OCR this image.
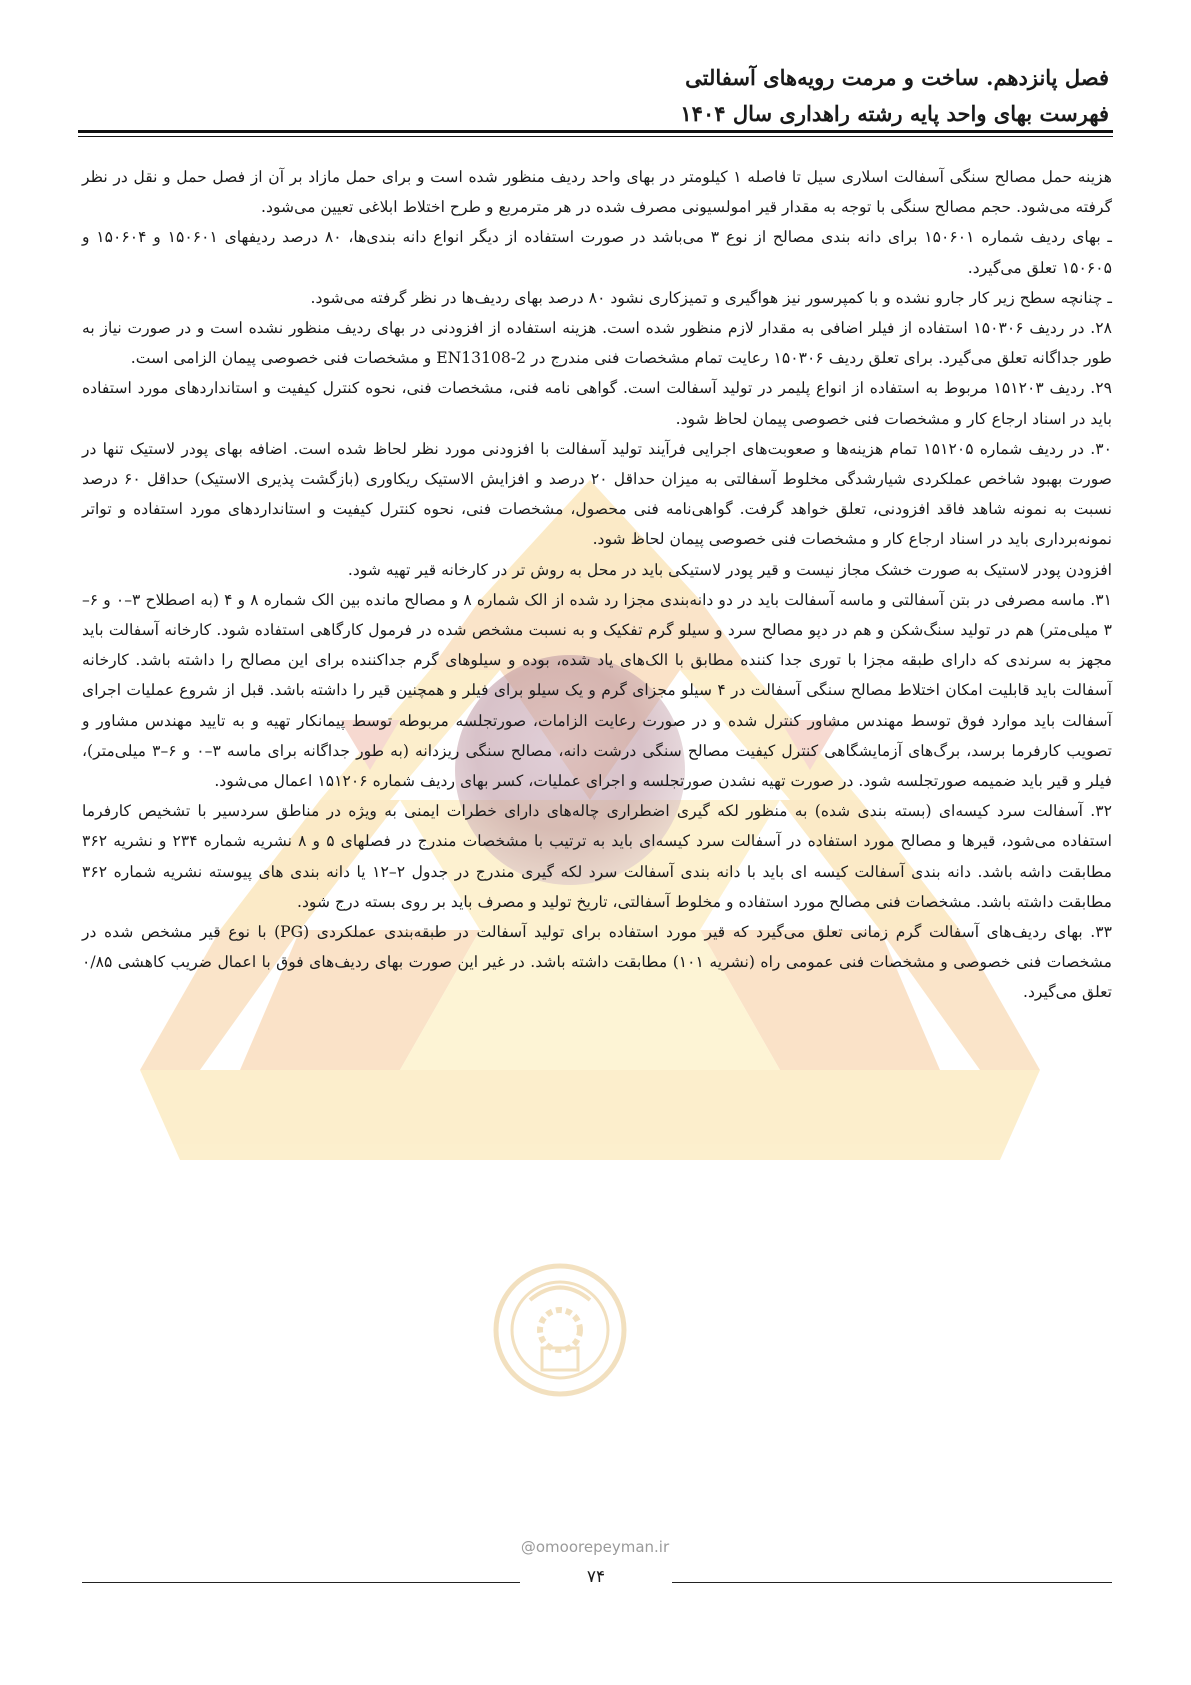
@omoorepeyman.ir
فصل پانزدهم. ساخت و مرمت رویه‌های آسفالتی
فهرست بهای واحد پایه رشته راهداری سال ۱۴۰۴

هزینه حمل مصالح سنگی آسفالت اسلاری سیل تا فاصله ۱ کیلومتر در بهای واحد ردیف منظور شده است و برای حمل مازاد بر آن از فصل حمل و نقل در نظر گرفته می‌شود. حجم مصالح سنگی با توجه به مقدار قیر امولسیونی مصرف شده در هر مترمربع و طرح اختلاط ابلاغی تعیین می‌شود.

ـ بهای ردیف شماره ۱۵۰۶۰۱ برای دانه بندی مصالح از نوع ۳ می‌باشد در صورت استفاده از دیگر انواع دانه بندی‌ها، ۸۰ درصد ردیفهای ۱۵۰۶۰۱ و ۱۵۰۶۰۴ و ۱۵۰۶۰۵ تعلق می‌گیرد.

ـ چنانچه سطح زیر کار جارو نشده و با کمپرسور نیز هواگیری و تمیزکاری نشود ۸۰ درصد بهای ردیف‌ها در نظر گرفته می‌شود.

۲۸. در ردیف ۱۵۰۳۰۶ استفاده از فیلر اضافی به مقدار لازم منظور شده است. هزینه استفاده از افزودنی در بهای ردیف منظور نشده است و در صورت نیاز به طور جداگانه تعلق می‌گیرد. برای تعلق ردیف ۱۵۰۳۰۶ رعایت تمام مشخصات فنی مندرج در EN13108-2 و مشخصات فنی خصوصی پیمان الزامی است.

۲۹. ردیف ۱۵۱۲۰۳ مربوط به استفاده از انواع پلیمر در تولید آسفالت است. گواهی نامه فنی، مشخصات فنی، نحوه کنترل کیفیت و استانداردهای مورد استفاده باید در اسناد ارجاع کار و مشخصات فنی خصوصی پیمان لحاظ شود.

۳۰. در ردیف شماره ۱۵۱۲۰۵ تمام هزینه‌ها و صعوبت‌های اجرایی فرآیند تولید آسفالت با افزودنی مورد نظر لحاظ شده است. اضافه بهای پودر لاستیک تنها در صورت بهبود شاخص عملکردی شیارشدگی مخلوط آسفالتی به میزان حداقل ۲۰ درصد و افزایش الاستیک ریکاوری (بازگشت پذیری الاستیک) حداقل ۶۰ درصد نسبت به نمونه شاهد فاقد افزودنی، تعلق خواهد گرفت. گواهی‌نامه فنی محصول، مشخصات فنی، نحوه کنترل کیفیت و استانداردهای مورد استفاده و تواتر نمونه‌برداری باید در اسناد ارجاع کار و مشخصات فنی خصوصی پیمان لحاظ شود.

افزودن پودر لاستیک به صورت خشک مجاز نیست و قیر پودر لاستیکی باید در محل به روش تر در کارخانه قیر تهیه شود.

۳۱. ماسه مصرفی در بتن آسفالتی و ماسه آسفالت باید در دو دانه‌بندی مجزا رد شده از الک شماره ۸ و مصالح مانده بین الک شماره ۸ و ۴ (به اصطلاح ۳–۰ و ۶–۳ میلی‌متر) هم در تولید سنگ‌شکن و هم در دپو مصالح سرد و سیلو گرم تفکیک و به نسبت مشخص شده در فرمول کارگاهی استفاده شود. کارخانه آسفالت باید مجهز به سرندی که دارای طبقه مجزا با توری جدا کننده مطابق با الک‌های یاد شده، بوده و سیلوهای گرم جداکننده برای این مصالح را داشته باشد. کارخانه آسفالت باید قابلیت امکان اختلاط مصالح سنگی آسفالت در ۴ سیلو مجزای گرم و یک سیلو برای فیلر و همچنین قیر را داشته باشد. قبل از شروع عملیات اجرای آسفالت باید موارد فوق توسط مهندس مشاور کنترل شده و در صورت رعایت الزامات، صورتجلسه مربوطه توسط پیمانکار تهیه و به تایید مهندس مشاور و تصویب کارفرما برسد، برگ‌های آزمایشگاهی کنترل کیفیت مصالح سنگی درشت دانه، مصالح سنگی ریزدانه (به طور جداگانه برای ماسه ۳–۰ و ۶–۳ میلی‌متر)، فیلر و قیر باید ضمیمه صورتجلسه شود. در صورت تهیه نشدن صورتجلسه و اجرای عملیات، کسر بهای ردیف شماره ۱۵۱۲۰۶ اعمال می‌شود.

۳۲. آسفالت سرد کیسه‌ای (بسته بندی شده) به منظور لکه گیری اضطراری چاله‌های دارای خطرات ایمنی به ویژه در مناطق سردسیر با تشخیص کارفرما استفاده می‌شود، قیرها و مصالح مورد استفاده در آسفالت سرد کیسه‌ای باید به ترتیب با مشخصات مندرج در فصلهای ۵ و ۸ نشریه شماره ۲۳۴ و نشریه ۳۶۲ مطابقت داشه باشد. دانه بندی آسفالت کیسه ای باید با دانه بندی آسفالت سرد لکه گیری مندرج در جدول ۲–۱۲ یا دانه بندی های پیوسته نشریه شماره ۳۶۲ مطابقت داشته باشد. مشخصات فنی مصالح مورد استفاده و مخلوط آسفالتی، تاریخ تولید و مصرف باید بر روی بسته درج شود.

۳۳. بهای ردیف‌های آسفالت گرم زمانی تعلق می‌گیرد که قیر مورد استفاده برای تولید آسفالت در طبقه‌بندی عملکردی (PG) با نوع قیر مشخص شده در مشخصات فنی خصوصی و مشخصات فنی عمومی راه (نشریه ۱۰۱) مطابقت داشته باشد. در غیر این صورت بهای ردیف‌های فوق با اعمال ضریب کاهشی ۰/۸۵ تعلق می‌گیرد.

۷۴
